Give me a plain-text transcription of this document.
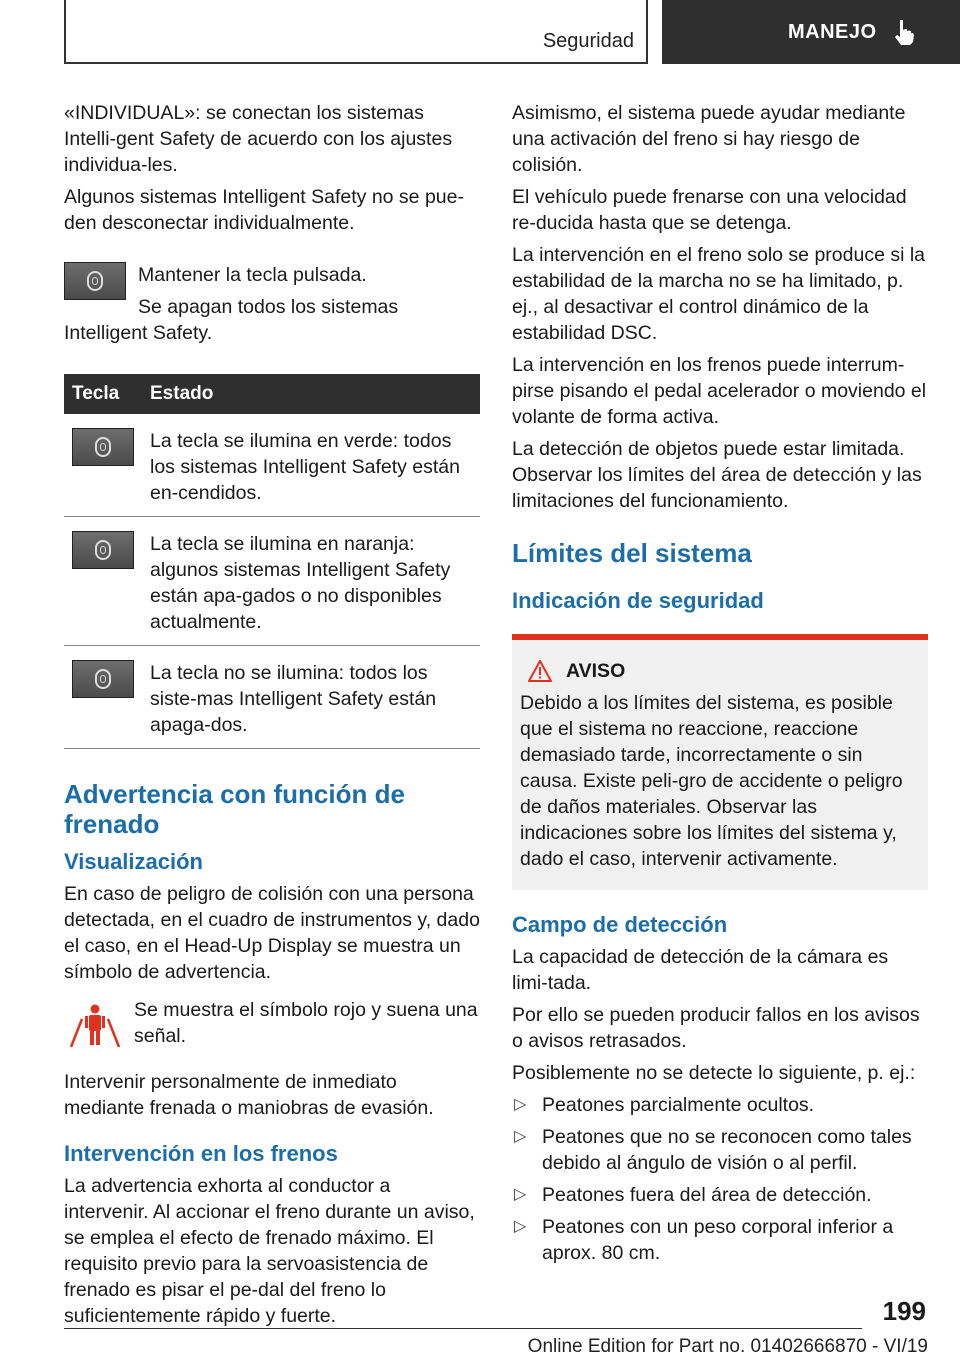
Seguridad	MANEJO

«INDIVIDUAL»: se conectan los sistemas Intelli-gent Safety de acuerdo con los ajustes individua-les.

Algunos sistemas Intelligent Safety no se pue-den desconectar individualmente.

Mantener la tecla pulsada.

Se apagan todos los sistemas Intelligent Safety.

Tecla	Estado

	La tecla se ilumina en verde: todos los sistemas Intelligent Safety están en-cendidos.

	La tecla se ilumina en naranja: algunos sistemas Intelligent Safety están apa-gados o no disponibles actualmente.

	La tecla no se ilumina: todos los siste-mas Intelligent Safety están apaga-dos.
Advertencia con función de frenado
Visualización

En caso de peligro de colisión con una persona detectada, en el cuadro de instrumentos y, dado el caso, en el Head-Up Display se muestra un símbolo de advertencia.

Se muestra el símbolo rojo y suena una señal.

Intervenir personalmente de inmediato mediante frenada o maniobras de evasión.

Intervención en los frenos

La advertencia exhorta al conductor a intervenir. Al accionar el freno durante un aviso, se emplea el efecto de frenado máximo. El requisito previo para la servoasistencia de frenado es pisar el pe-dal del freno lo suficientemente rápido y fuerte.

Asimismo, el sistema puede ayudar mediante una activación del freno si hay riesgo de colisión.

El vehículo puede frenarse con una velocidad re-ducida hasta que se detenga.

La intervención en el freno solo se produce si la estabilidad de la marcha no se ha limitado, p. ej., al desactivar el control dinámico de la estabilidad DSC.

La intervención en los frenos puede interrum-pirse pisando el pedal acelerador o moviendo el volante de forma activa.

La detección de objetos puede estar limitada. Observar los límites del área de detección y las limitaciones del funcionamiento.

Límites del sistema
Indicación de seguridad
AVISO

Debido a los límites del sistema, es posible que el sistema no reaccione, reaccione demasiado tarde, incorrectamente o sin causa. Existe peli-gro de accidente o peligro de daños materiales. Observar las indicaciones sobre los límites del sistema y, dado el caso, intervenir activamente.

Campo de detección

La capacidad de detección de la cámara es limi-tada.

Por ello se pueden producir fallos en los avisos o avisos retrasados.

Posiblemente no se detecte lo siguiente, p. ej.:

▷ Peatones parcialmente ocultos.
▷ Peatones que no se reconocen como tales debido al ángulo de visión o al perfil.
▷ Peatones fuera del área de detección.
▷ Peatones con un peso corporal inferior a aprox. 80 cm.
199
Online Edition for Part no. 01402666870 - VI/19
